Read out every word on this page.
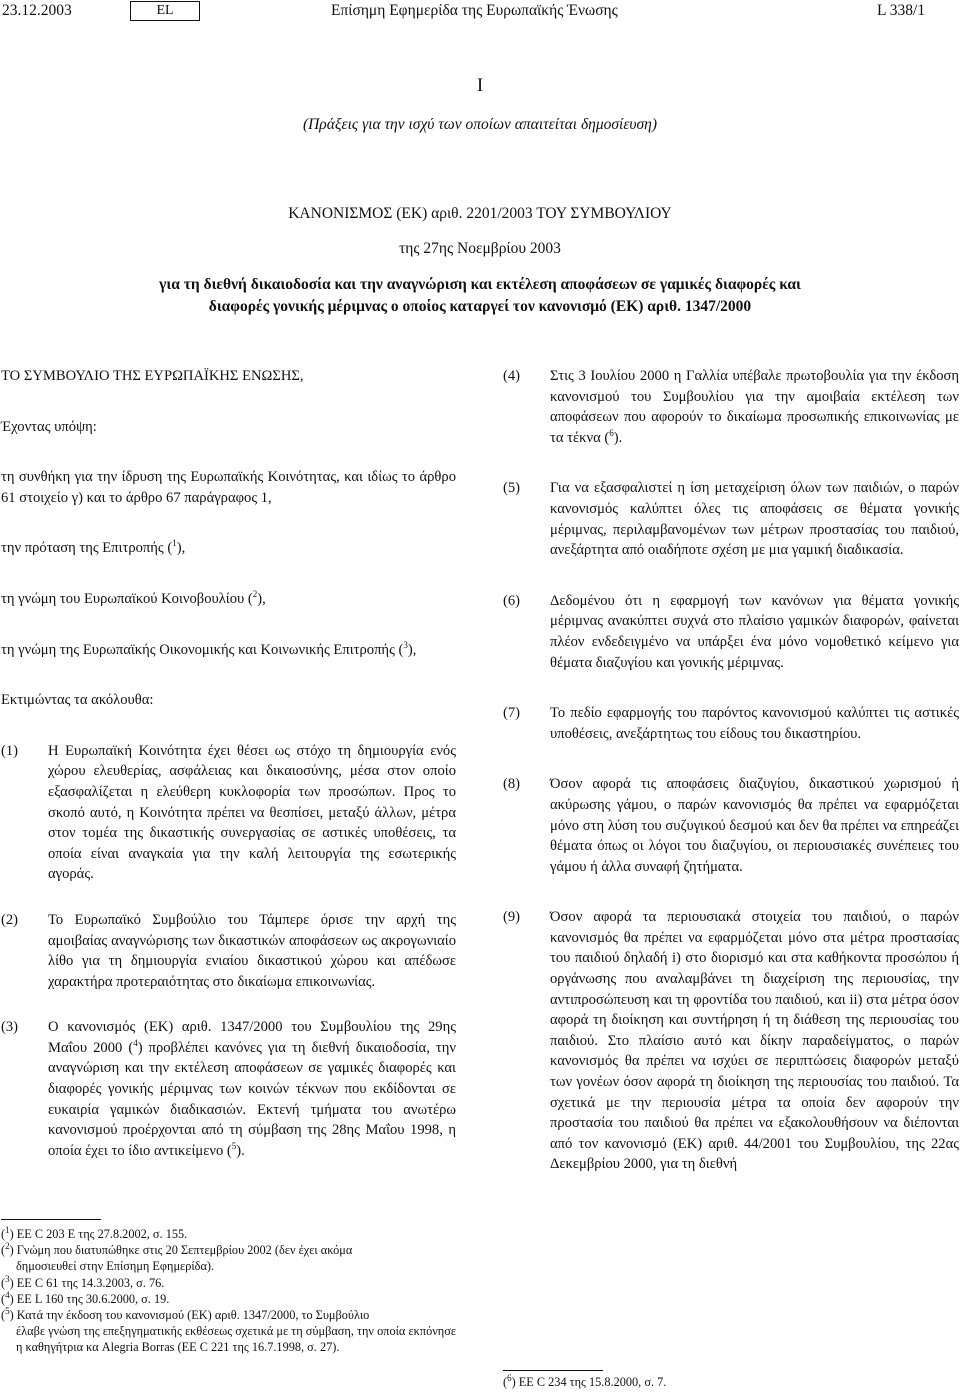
23.12.2003	EL	Επίσημη Εφημερίδα της Ευρωπαϊκής Ένωσης	L 338/1
I
(Πράξεις για την ισχύ των οποίων απαιτείται δημοσίευση)
ΚΑΝΟΝΙΣΜΟΣ (ΕΚ) αριθ. 2201/2003 ΤΟΥ ΣΥΜΒΟΥΛΙΟΥ
της 27ης Νοεμβρίου 2003
για τη διεθνή δικαιοδοσία και την αναγνώριση και εκτέλεση αποφάσεων σε γαμικές διαφορές και
διαφορές γονικής μέριμνας ο οποίος καταργεί τον κανονισμό (ΕΚ) αριθ. 1347/2000

ΤΟ ΣΥΜΒΟΥΛΙΟ ΤΗΣ ΕΥΡΩΠΑΪΚΗΣ ΕΝΩΣΗΣ,

Έχοντας υπόψη:

τη συνθήκη για την ίδρυση της Ευρωπαϊκής Κοινότητας, και ιδίως το άρθρο 61 στοιχείο γ) και το άρθρο 67 παράγραφος 1,

την πρόταση της Επιτροπής ($^1$),

τη γνώμη του Ευρωπαϊκού Κοινοβουλίου ($^2$),

τη γνώμη της Ευρωπαϊκής Οικονομικής και Κοινωνικής Επιτροπής ($^3$),

Εκτιμώντας τα ακόλουθα:

(1)	Η Ευρωπαϊκή Κοινότητα έχει θέσει ως στόχο τη δημιουργία ενός χώρου ελευθερίας, ασφάλειας και δικαιοσύνης, μέσα στον οποίο εξασφαλίζεται η ελεύθερη κυκλοφορία των προσώπων. Προς το σκοπό αυτό, η Κοινότητα πρέπει να θεσπίσει, μεταξύ άλλων, μέτρα στον τομέα της δικαστικής συνεργασίας σε αστικές υποθέσεις, τα οποία είναι αναγκαία για την καλή λειτουργία της εσωτερικής αγοράς.
(2)	Το Ευρωπαϊκό Συμβούλιο του Τάμπερε όρισε την αρχή της αμοιβαίας αναγνώρισης των δικαστικών αποφάσεων ως ακρογωνιαίο λίθο για τη δημιουργία ενιαίου δικαστικού χώρου και απέδωσε χαρακτήρα προτεραιότητας στο δικαίωμα επικοινωνίας.
(3)	Ο κανονισμός (ΕΚ) αριθ. 1347/2000 του Συμβουλίου της 29ης Μαΐου 2000 ($^4$) προβλέπει κανόνες για τη διεθνή δικαιοδοσία, την αναγνώριση και την εκτέλεση αποφάσεων σε γαμικές διαφορές και διαφορές γονικής μέριμνας των κοινών τέκνων που εκδίδονται σε ευκαιρία γαμικών διαδικασιών. Εκτενή τμήματα του ανωτέρω κανονισμού προέρχονται από τη σύμβαση της 28ης Μαΐου 1998, η οποία έχει το ίδιο αντικείμενο ($^5$).

($^1$) ΕΕ C 203 Ε της 27.8.2002, σ. 155.

($^2$) Γνώμη που διατυπώθηκε στις 20 Σεπτεμβρίου 2002 (δεν έχει ακόμα

δημοσιευθεί στην Επίσημη Εφημερίδα).

($^3$) ΕΕ C 61 της 14.3.2003, σ. 76.

($^4$) ΕΕ L 160 της 30.6.2000, σ. 19.

($^5$) Κατά την έκδοση του κανονισμού (ΕΚ) αριθ. 1347/2000, το Συμβούλιο

έλαβε γνώση της επεξηγηματικής εκθέσεως σχετικά με τη σύμβαση, την οποία εκπόνησε η καθηγήτρια κα Alegria Borras (ΕΕ C 221 της 16.7.1998, σ. 27).

(4)	Στις 3 Ιουλίου 2000 η Γαλλία υπέβαλε πρωτοβουλία για την έκδοση κανονισμού του Συμβουλίου για την αμοιβαία εκτέλεση των αποφάσεων που αφορούν το δικαίωμα προσωπικής επικοινωνίας με τα τέκνα ($^6$).
(5)	Για να εξασφαλιστεί η ίση μεταχείριση όλων των παιδιών, ο παρών κανονισμός καλύπτει όλες τις αποφάσεις σε θέματα γονικής μέριμνας, περιλαμβανομένων των μέτρων προστασίας του παιδιού, ανεξάρτητα από οιαδήποτε σχέση με μια γαμική διαδικασία.
(6)	Δεδομένου ότι η εφαρμογή των κανόνων για θέματα γονικής μέριμνας ανακύπτει συχνά στο πλαίσιο γαμικών διαφορών, φαίνεται πλέον ενδεδειγμένο να υπάρξει ένα μόνο νομοθετικό κείμενο για θέματα διαζυγίου και γονικής μέριμνας.
(7)	Το πεδίο εφαρμογής του παρόντος κανονισμού καλύπτει τις αστικές υποθέσεις, ανεξάρτητως του είδους του δικαστηρίου.
(8)	Όσον αφορά τις αποφάσεις διαζυγίου, δικαστικού χωρισμού ή ακύρωσης γάμου, ο παρών κανονισμός θα πρέπει να εφαρμόζεται μόνο στη λύση του συζυγικού δεσμού και δεν θα πρέπει να επηρεάζει θέματα όπως οι λόγοι του διαζυγίου, οι περιουσιακές συνέπειες του γάμου ή άλλα συναφή ζητήματα.
(9)	Όσον αφορά τα περιουσιακά στοιχεία του παιδιού, ο παρών κανονισμός θα πρέπει να εφαρμόζεται μόνο στα μέτρα προστασίας του παιδιού δηλαδή i) στο διορισμό και στα καθήκοντα προσώπου ή οργάνωσης που αναλαμβάνει τη διαχείριση της περιουσίας, την αντιπροσώπευση και τη φροντίδα του παιδιού, και ii) στα μέτρα όσον αφορά τη διοίκηση και συντήρηση ή τη διάθεση της περιουσίας του παιδιού. Στο πλαίσιο αυτό και δίκην παραδείγματος, ο παρών κανονισμός θα πρέπει να ισχύει σε περιπτώσεις διαφορών μεταξύ των γονέων όσον αφορά τη διοίκηση της περιουσίας του παιδιού. Τα σχετικά με την περιουσία μέτρα τα οποία δεν αφορούν την προστασία του παιδιού θα πρέπει να εξακολουθήσουν να διέπονται από τον κανονισμό (ΕΚ) αριθ. 44/2001 του Συμβουλίου, της 22ας Δεκεμβρίου 2000, για τη διεθνή

($^6$) ΕΕ C 234 της 15.8.2000, σ. 7.
